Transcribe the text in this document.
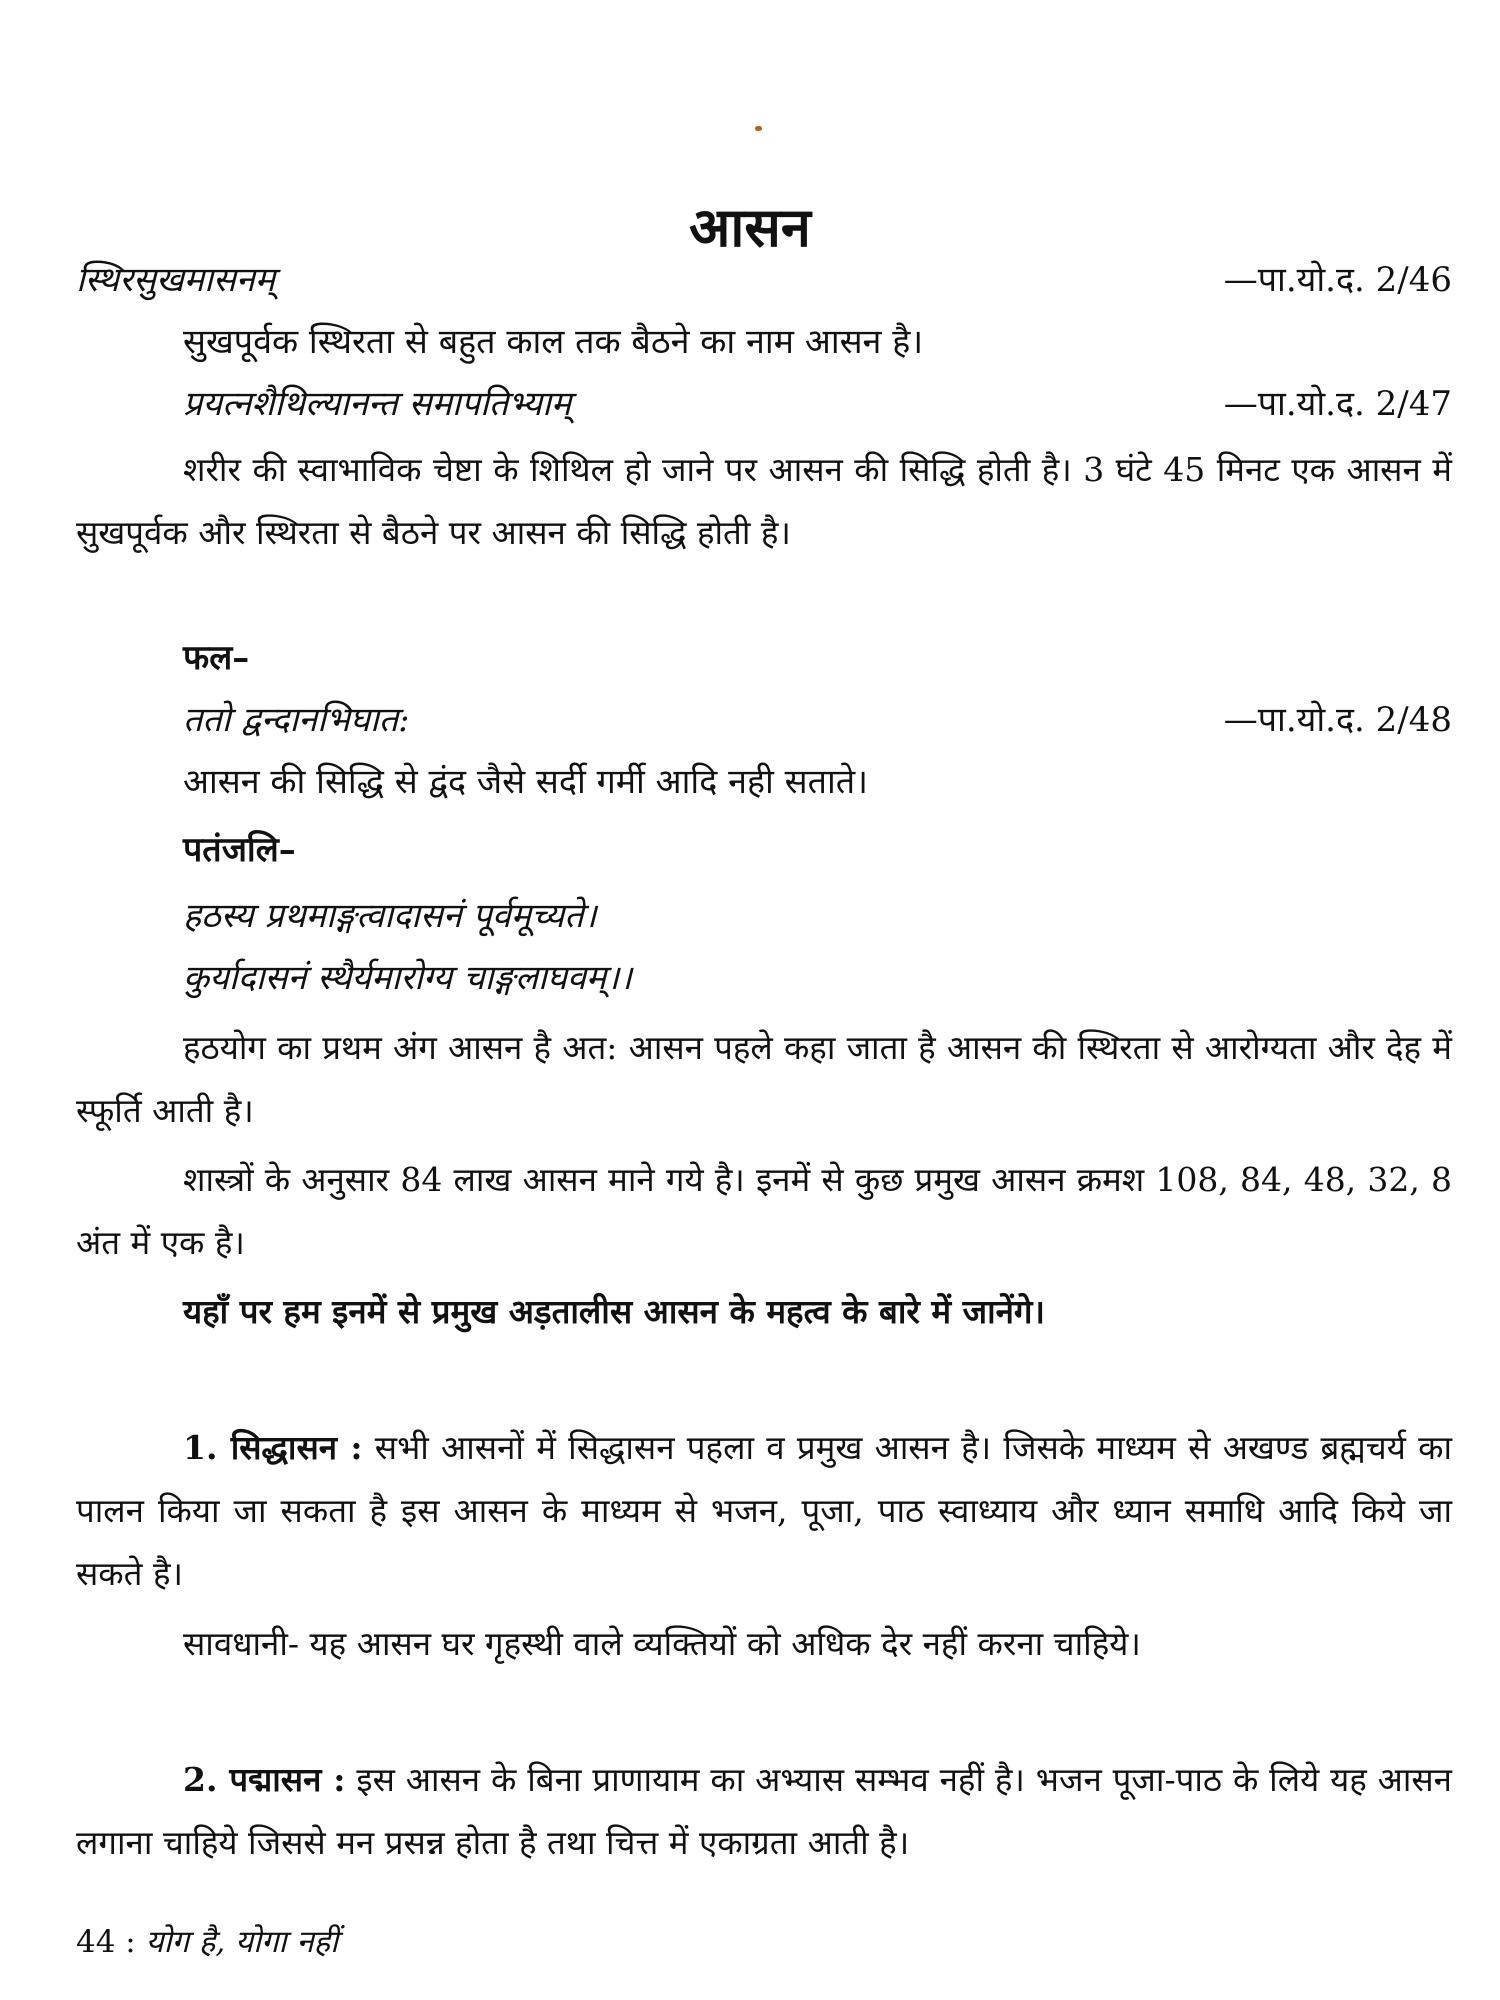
आसन
स्थिरसुखमासनम्	—पा.यो.द. 2/46
सुखपूर्वक स्थिरता से बहुत काल तक बैठने का नाम आसन है।
प्रयत्नशैथिल्यानन्त समापतिभ्याम्	—पा.यो.द. 2/47

शरीर की स्वाभाविक चेष्टा के शिथिल हो जाने पर आसन की सिद्धि होती है। 3 घंटे 45 मिनट एक आसन में सुखपूर्वक और स्थिरता से बैठने पर आसन की सिद्धि होती है।

फल–
ततो द्वन्दानभिघात:	—पा.यो.द. 2/48
आसन की सिद्धि से द्वंद जैसे सर्दी गर्मी आदि नही सताते।
पतंजलि–
हठस्य प्रथमाङ्गत्वादासनं पूर्वमूच्यते।
कुर्यादासनं स्थैर्यमारोग्य चाङ्गलाघवम्।।

हठयोग का प्रथम अंग आसन है अत: आसन पहले कहा जाता है आसन की स्थिरता से आरोग्यता और देह में स्फूर्ति आती है।

शास्त्रों के अनुसार 84 लाख आसन माने गये है। इनमें से कुछ प्रमुख आसन क्रमश 108, 84, 48, 32, 8 अंत में एक है।

यहाँ पर हम इनमें से प्रमुख अड़तालीस आसन के महत्व के बारे में जानेंगे।

1. सिद्धासन : सभी आसनों में सिद्धासन पहला व प्रमुख आसन है। जिसके माध्यम से अखण्ड ब्रह्मचर्य का पालन किया जा सकता है इस आसन के माध्यम से भजन, पूजा, पाठ स्वाध्याय और ध्यान समाधि आदि किये जा सकते है।

सावधानी- यह आसन घर गृहस्थी वाले व्यक्तियों को अधिक देर नहीं करना चाहिये।

2. पद्मासन : इस आसन के बिना प्राणायाम का अभ्यास सम्भव नहीं है। भजन पूजा-पाठ के लिये यह आसन लगाना चाहिये जिससे मन प्रसन्न होता है तथा चित्त में एकाग्रता आती है।

44 : योग है, योगा नहीं
